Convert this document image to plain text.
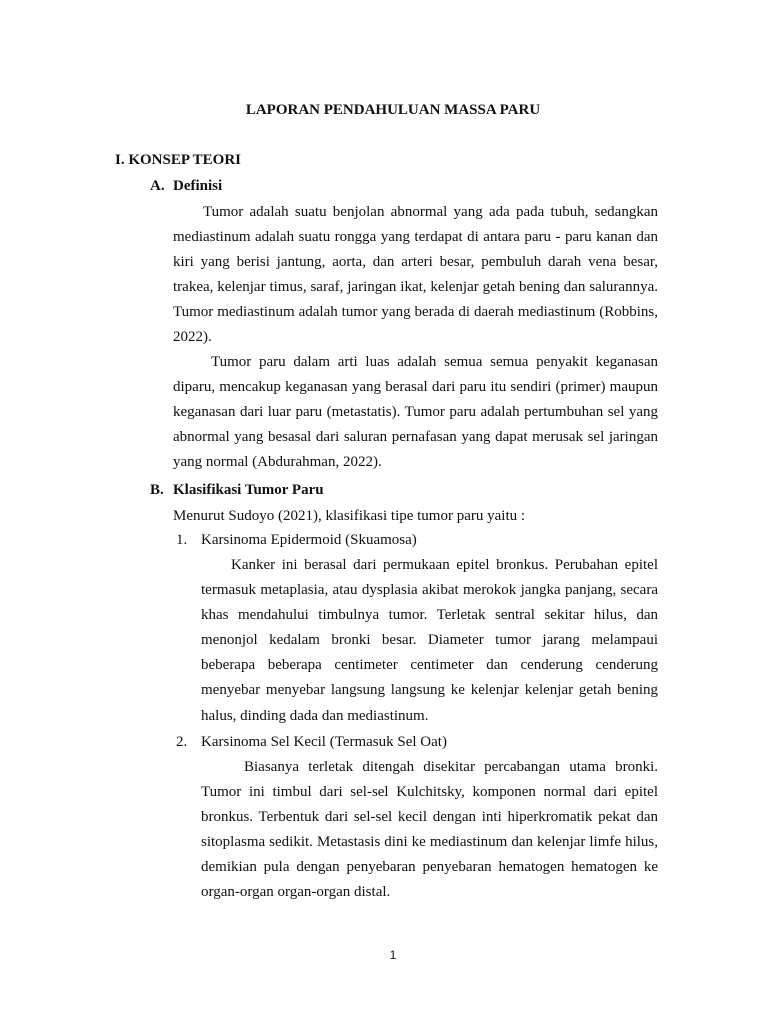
LAPORAN PENDAHULUAN MASSA PARU
I. KONSEP TEORI
A. Definisi

Tumor adalah suatu benjolan abnormal yang ada pada tubuh, sedangkan mediastinum adalah suatu rongga yang terdapat di antara paru - paru kanan dan kiri yang berisi jantung, aorta, dan arteri besar, pembuluh darah vena besar, trakea, kelenjar timus, saraf, jaringan ikat, kelenjar getah bening dan salurannya. Tumor mediastinum adalah tumor yang berada di daerah mediastinum (Robbins, 2022).

Tumor paru dalam arti luas adalah semua semua penyakit keganasan diparu, mencakup keganasan yang berasal dari paru itu sendiri (primer) maupun keganasan dari luar paru (metastatis). Tumor paru adalah pertumbuhan sel yang abnormal yang besasal dari saluran pernafasan yang dapat merusak sel jaringan yang normal (Abdurahman, 2022).

B. Klasifikasi Tumor Paru
Menurut Sudoyo (2021), klasifikasi tipe tumor paru yaitu :
1. Karsinoma Epidermoid (Skuamosa)

Kanker ini berasal dari permukaan epitel bronkus. Perubahan epitel termasuk metaplasia, atau dysplasia akibat merokok jangka panjang, secara khas mendahului timbulnya tumor. Terletak sentral sekitar hilus, dan menonjol kedalam bronki besar. Diameter tumor jarang melampaui beberapa beberapa centimeter centimeter dan cenderung cenderung menyebar menyebar langsung langsung ke kelenjar kelenjar getah bening halus, dinding dada dan mediastinum.

2. Karsinoma Sel Kecil (Termasuk Sel Oat)

Biasanya terletak ditengah disekitar percabangan utama bronki. Tumor ini timbul dari sel-sel Kulchitsky, komponen normal dari epitel bronkus. Terbentuk dari sel-sel kecil dengan inti hiperkromatik pekat dan sitoplasma sedikit. Metastasis dini ke mediastinum dan kelenjar limfe hilus, demikian pula dengan penyebaran penyebaran hematogen hematogen ke organ-organ organ-organ distal.

1
